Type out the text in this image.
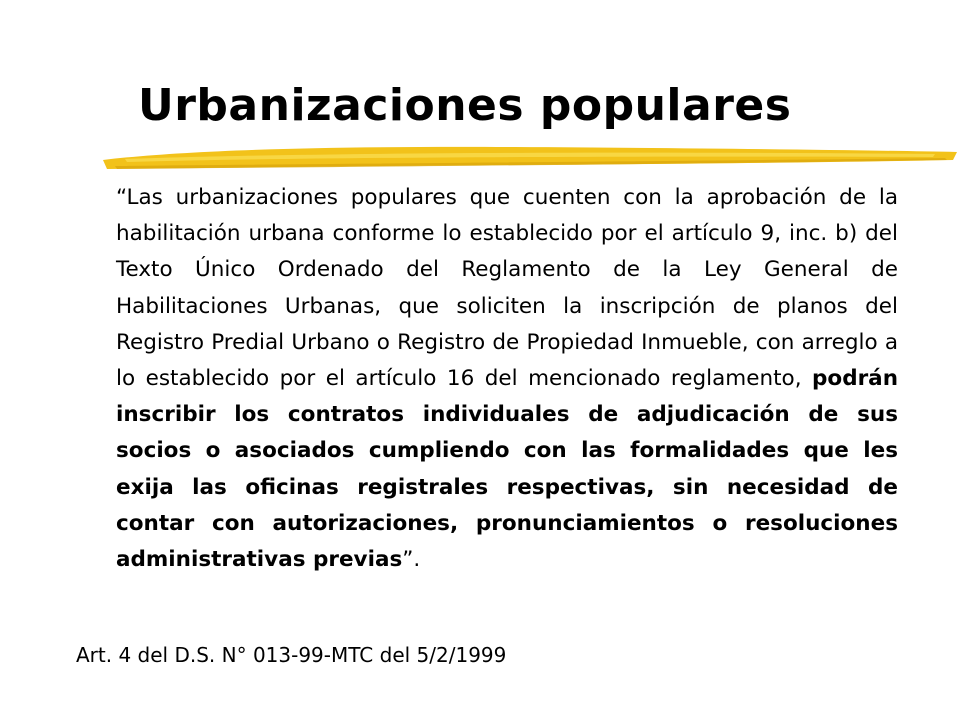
Urbanizaciones populares

“Las urbanizaciones populares que cuenten con la aprobación de la habilitación urbana conforme lo establecido por el artículo 9, inc. b) del Texto Único Ordenado del Reglamento de la Ley General de Habilitaciones Urbanas, que soliciten la inscripción de planos del Registro Predial Urbano o Registro de Propiedad Inmueble, con arreglo a lo establecido por el artículo 16 del mencionado reglamento, podrán inscribir los contratos individuales de adjudicación de sus socios o asociados cumpliendo con las formalidades que les exija las oficinas registrales respectivas, sin necesidad de contar con autorizaciones, pronunciamientos o resoluciones administrativas previas”.

Art. 4 del D.S. N° 013-99-MTC del 5/2/1999
